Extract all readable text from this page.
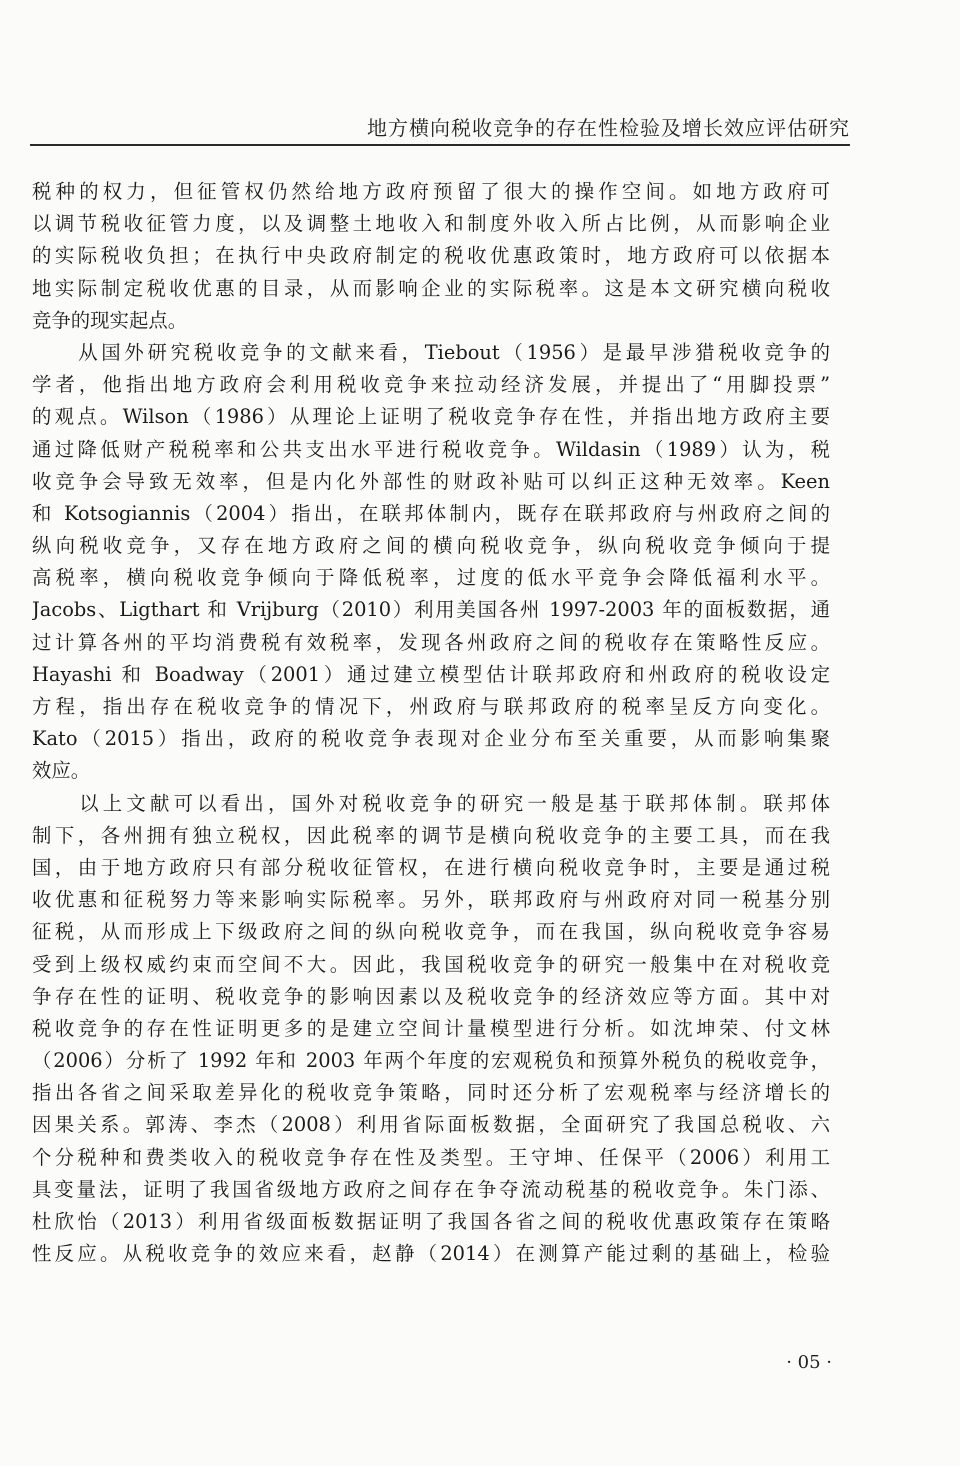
地方横向税收竞争的存在性检验及增长效应评估研究
税种的权力，但征管权仍然给地方政府预留了很大的操作空间。如地方政府可
以调节税收征管力度，以及调整土地收入和制度外收入所占比例，从而影响企业
的实际税收负担；在执行中央政府制定的税收优惠政策时，地方政府可以依据本
地实际制定税收优惠的目录，从而影响企业的实际税率。这是本文研究横向税收
竞争的现实起点。
　　从国外研究税收竞争的文献来看，Tiebout（1956）是最早涉猎税收竞争的
学者，他指出地方政府会利用税收竞争来拉动经济发展，并提出了“用脚投票”
的观点。Wilson（1986）从理论上证明了税收竞争存在性，并指出地方政府主要
通过降低财产税税率和公共支出水平进行税收竞争。Wildasin（1989）认为，税
收竞争会导致无效率，但是内化外部性的财政补贴可以纠正这种无效率。Keen
和 Kotsogiannis（2004）指出，在联邦体制内，既存在联邦政府与州政府之间的
纵向税收竞争，又存在地方政府之间的横向税收竞争，纵向税收竞争倾向于提
高税率，横向税收竞争倾向于降低税率，过度的低水平竞争会降低福利水平。
Jacobs、Ligthart 和 Vrijburg（2010）利用美国各州 1997-2003 年的面板数据，通
过计算各州的平均消费税有效税率，发现各州政府之间的税收存在策略性反应。
Hayashi 和 Boadway（2001）通过建立模型估计联邦政府和州政府的税收设定
方程，指出存在税收竞争的情况下，州政府与联邦政府的税率呈反方向变化。
Kato（2015）指出，政府的税收竞争表现对企业分布至关重要，从而影响集聚
效应。
　　以上文献可以看出，国外对税收竞争的研究一般是基于联邦体制。联邦体
制下，各州拥有独立税权，因此税率的调节是横向税收竞争的主要工具，而在我
国，由于地方政府只有部分税收征管权，在进行横向税收竞争时，主要是通过税
收优惠和征税努力等来影响实际税率。另外，联邦政府与州政府对同一税基分别
征税，从而形成上下级政府之间的纵向税收竞争，而在我国，纵向税收竞争容易
受到上级权威约束而空间不大。因此，我国税收竞争的研究一般集中在对税收竞
争存在性的证明、税收竞争的影响因素以及税收竞争的经济效应等方面。其中对
税收竞争的存在性证明更多的是建立空间计量模型进行分析。如沈坤荣、付文林
（2006）分析了 1992 年和 2003 年两个年度的宏观税负和预算外税负的税收竞争，
指出各省之间采取差异化的税收竞争策略，同时还分析了宏观税率与经济增长的
因果关系。郭涛、李杰（2008）利用省际面板数据，全面研究了我国总税收、六
个分税种和费类收入的税收竞争存在性及类型。王守坤、任保平（2006）利用工
具变量法，证明了我国省级地方政府之间存在争夺流动税基的税收竞争。朱门添、
杜欣怡（2013）利用省级面板数据证明了我国各省之间的税收优惠政策存在策略
性反应。从税收竞争的效应来看，赵静（2014）在测算产能过剩的基础上，检验
· 05 ·
